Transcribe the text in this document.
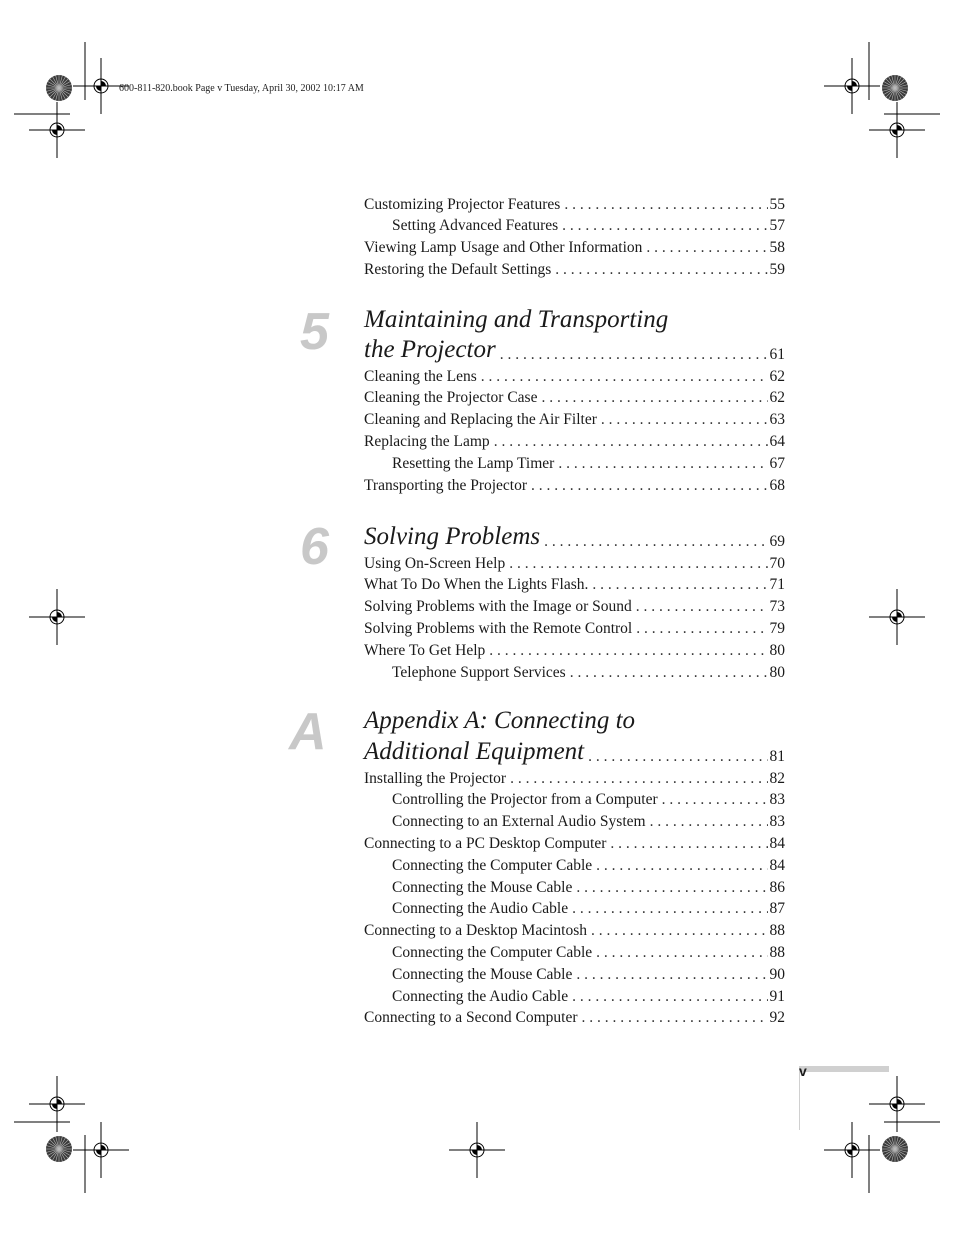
600-811-820.book Page v Tuesday, April 30, 2002 10:17 AM
Customizing Projector Features . . .	55
Setting Advanced Features . . .	57
Viewing Lamp Usage and Other Information . . .	58
Restoring the Default Settings . . .	59
Maintaining and Transporting
the Projector . . .	61
5
Cleaning the Lens . . .	62
Cleaning the Projector Case . . .	62
Cleaning and Replacing the Air Filter . . .	63
Replacing the Lamp . . .	64
Resetting the Lamp Timer . . .	67
Transporting the Projector . . .	68
Solving Problems . . .	69
6 Using On-Screen Help . . .	70
What To Do When the Lights Flash. . . .	71
Solving Problems with the Image or Sound . . .	73
Solving Problems with the Remote Control . . .	79
Where To Get Help . . .	80
Telephone Support Services . . .	80
Appendix A: Connecting to
Additional Equipment . . .	81
A
Installing the Projector . . .	82
Controlling the Projector from a Computer . . .	83
Connecting to an External Audio System . . .	83
Connecting to a PC Desktop Computer . . .	84
Connecting the Computer Cable . . .	84
Connecting the Mouse Cable . . .	86
Connecting the Audio Cable . . .	87
Connecting to a Desktop Macintosh . . .	88
Connecting the Computer Cable . . .	88
Connecting the Mouse Cable . . .	90
Connecting the Audio Cable . . .	91
Connecting to a Second Computer . . .	92
v
